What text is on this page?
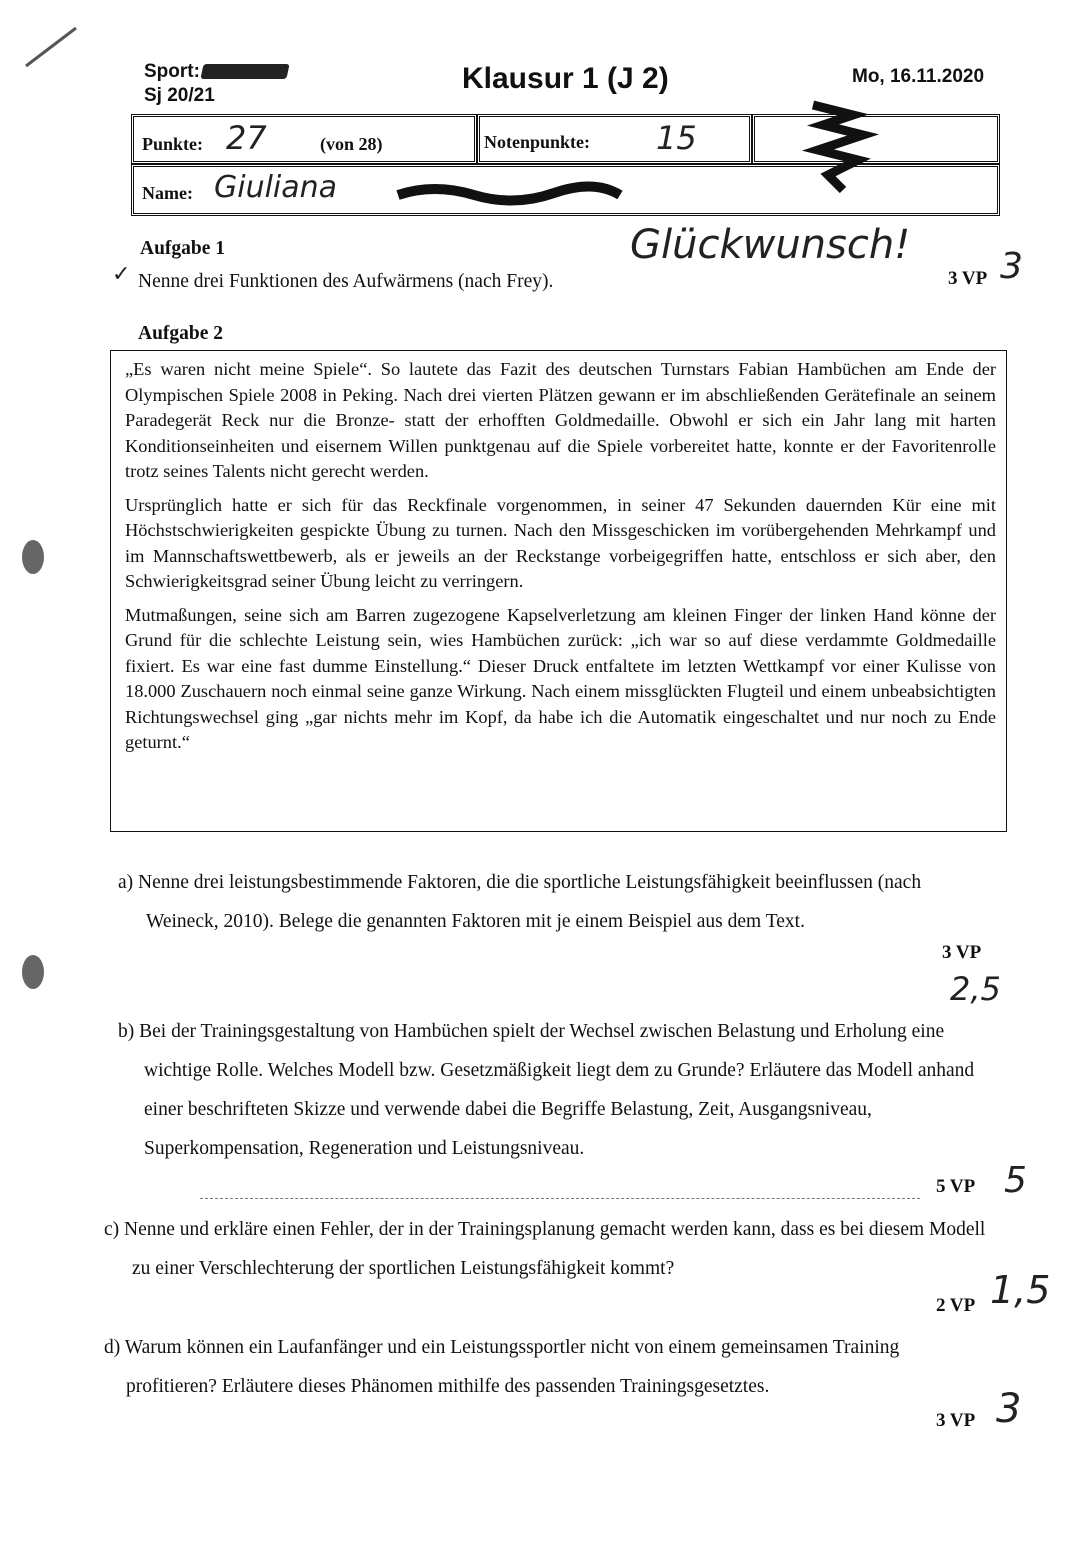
Sport:
Sj 20/21
Klausur 1 (J 2)	Mo, 16.11.2020
Punkte: 27	(von 28)	Notenpunkte: 15
Name: Giuliana
Glückwunsch!
Aufgabe 1
✓ Nenne drei Funktionen des Aufwärmens (nach Frey).	3 VP 3
Aufgabe 2

„Es waren nicht meine Spiele“. So lautete das Fazit des deutschen Turnstars Fabian Hambüchen am Ende der Olympischen Spiele 2008 in Peking. Nach drei vierten Plätzen gewann er im abschließenden Gerätefinale an seinem Paradegerät Reck nur die Bronze- statt der erhofften Goldmedaille. Obwohl er sich ein Jahr lang mit harten Konditionseinheiten und eisernem Willen punktgenau auf die Spiele vorbereitet hatte, konnte er der Favoritenrolle trotz seines Talents nicht gerecht werden.

Ursprünglich hatte er sich für das Reckfinale vorgenommen, in seiner 47 Sekunden dauernden Kür eine mit Höchstschwierigkeiten gespickte Übung zu turnen. Nach den Missgeschicken im vorübergehenden Mehrkampf und im Mannschaftswettbewerb, als er jeweils an der Reckstange vorbeigegriffen hatte, entschloss er sich aber, den Schwierigkeitsgrad seiner Übung leicht zu verringern.

Mutmaßungen, seine sich am Barren zugezogene Kapselverletzung am kleinen Finger der linken Hand könne der Grund für die schlechte Leistung sein, wies Hambüchen zurück: „ich war so auf diese verdammte Goldmedaille fixiert. Es war eine fast dumme Einstellung.“ Dieser Druck entfaltete im letzten Wettkampf vor einer Kulisse von 18.000 Zuschauern noch einmal seine ganze Wirkung. Nach einem missglückten Flugteil und einem unbeabsichtigten Richtungswechsel ging „gar nichts mehr im Kopf, da habe ich die Automatik eingeschaltet und nur noch zu Ende geturnt.“

a) Nenne drei leistungsbestimmende Faktoren, die die sportliche Leistungsfähigkeit beeinflussen (nach Weineck, 2010). Belege die genannten Faktoren mit je einem Beispiel aus dem Text.
3 VP
2,5
b) Bei der Trainingsgestaltung von Hambüchen spielt der Wechsel zwischen Belastung und Erholung eine wichtige Rolle. Welches Modell bzw. Gesetzmäßigkeit liegt dem zu Grunde? Erläutere das Modell anhand einer beschrifteten Skizze und verwende dabei die Begriffe Belastung, Zeit, Ausgangsniveau, Superkompensation, Regeneration und Leistungsniveau.
5 VP 5
c) Nenne und erkläre einen Fehler, der in der Trainingsplanung gemacht werden kann, dass es bei diesem Modell zu einer Verschlechterung der sportlichen Leistungsfähigkeit kommt?
2 VP 1,5
d) Warum können ein Laufanfänger und ein Leistungssportler nicht von einem gemeinsamen Training profitieren? Erläutere dieses Phänomen mithilfe des passenden Trainingsgesetztes.
3 VP 3
